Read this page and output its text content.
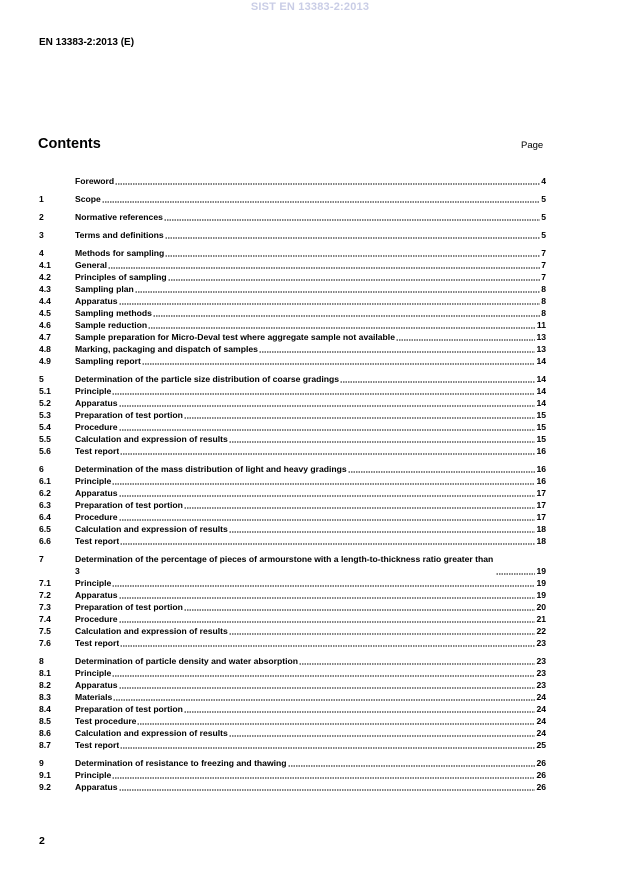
SIST EN 13383-2:2013
EN 13383-2:2013 (E)
Contents	Page
Foreword	4
1	Scope	5
2	Normative references	5
3	Terms and definitions	5
4	Methods for sampling	7
4.1	General	7
4.2	Principles of sampling	7
4.3	Sampling plan	8
4.4	Apparatus	8
4.5	Sampling methods	8
4.6	Sample reduction	11
4.7	Sample preparation for Micro-Deval test where aggregate sample not available	13
4.8	Marking, packaging and dispatch of samples	13
4.9	Sampling report	14
5	Determination of the particle size distribution of coarse gradings	14
5.1	Principle	14
5.2	Apparatus	14
5.3	Preparation of test portion	15
5.4	Procedure	15
5.5	Calculation and expression of results	15
5.6	Test report	16
6	Determination of the mass distribution of light and heavy gradings	16
6.1	Principle	16
6.2	Apparatus	17
6.3	Preparation of test portion	17
6.4	Procedure	17
6.5	Calculation and expression of results	18
6.6	Test report	18
7	Determination of the percentage of pieces of armourstone with a length-to-thickness ratio greater than 3	19
7.1	Principle	19
7.2	Apparatus	19
7.3	Preparation of test portion	20
7.4	Procedure	21
7.5	Calculation and expression of results	22
7.6	Test report	23
8	Determination of particle density and water absorption	23
8.1	Principle	23
8.2	Apparatus	23
8.3	Materials	24
8.4	Preparation of test portion	24
8.5	Test procedure	24
8.6	Calculation and expression of results	24
8.7	Test report	25
9	Determination of resistance to freezing and thawing	26
9.1	Principle	26
9.2	Apparatus	26
2
